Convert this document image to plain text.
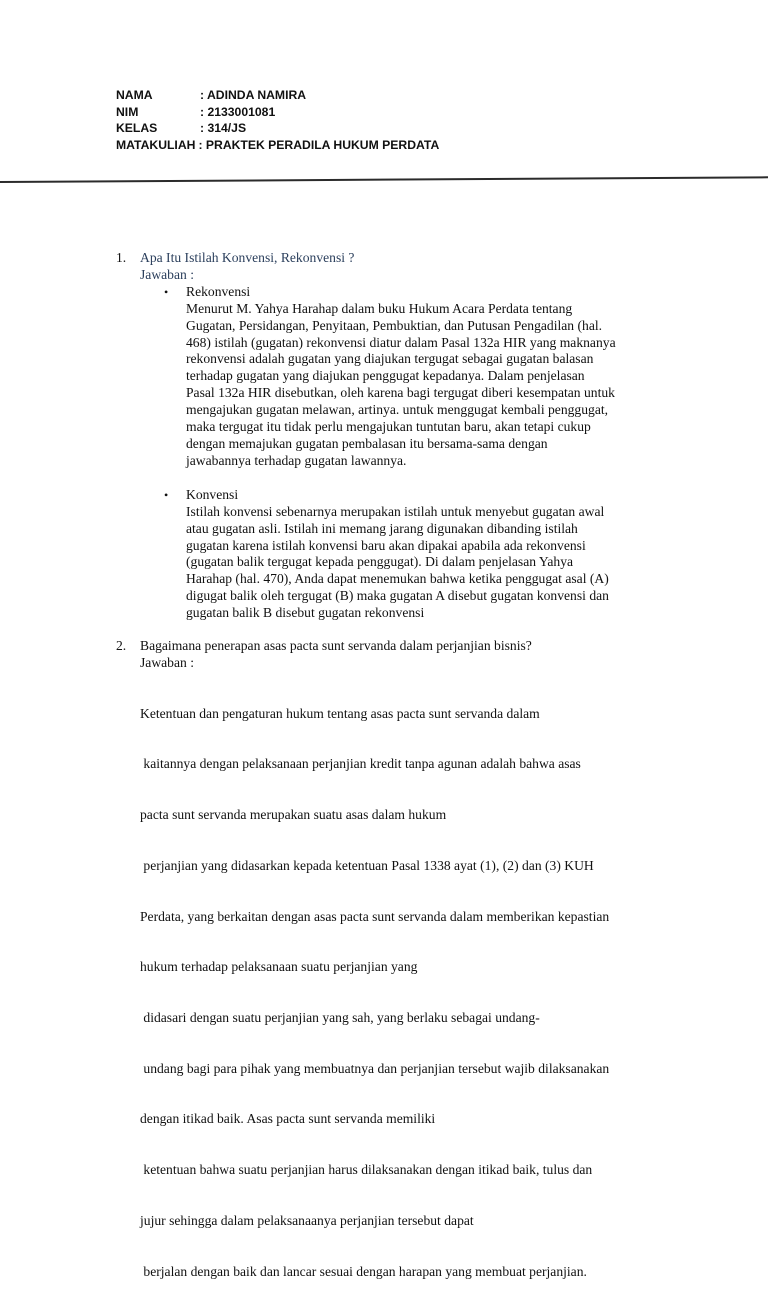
NAMA	: ADINDA NAMIRA
NIM	: 2133001081
KELAS	: 314/JS
MATAKULIAH : PRAKTEK PERADILA HUKUM PERDATA
1. Apa Itu Istilah Konvensi, Rekonvensi ?
Jawaban :
• Rekonvensi

Menurut M. Yahya Harahap dalam buku Hukum Acara Perdata tentang

Gugatan, Persidangan, Penyitaan, Pembuktian, dan Putusan Pengadilan (hal.

468) istilah (gugatan) rekonvensi diatur dalam Pasal 132a HIR yang maknanya

rekonvensi adalah gugatan yang diajukan tergugat sebagai gugatan balasan

terhadap gugatan yang diajukan penggugat kepadanya. Dalam penjelasan

Pasal 132a HIR disebutkan, oleh karena bagi tergugat diberi kesempatan untuk

mengajukan gugatan melawan, artinya. untuk menggugat kembali penggugat,

maka tergugat itu tidak perlu mengajukan tuntutan baru, akan tetapi cukup

dengan memajukan gugatan pembalasan itu bersama-sama dengan

jawabannya terhadap gugatan lawannya.

• Konvensi

Istilah konvensi sebenarnya merupakan istilah untuk menyebut gugatan awal

atau gugatan asli. Istilah ini memang jarang digunakan dibanding istilah

gugatan karena istilah konvensi baru akan dipakai apabila ada rekonvensi

(gugatan balik tergugat kepada penggugat). Di dalam penjelasan Yahya

Harahap (hal. 470), Anda dapat menemukan bahwa ketika penggugat asal (A)

digugat balik oleh tergugat (B) maka gugatan A disebut gugatan konvensi dan

gugatan balik B disebut gugatan rekonvensi

2. Bagaimana penerapan asas pacta sunt servanda dalam perjanjian bisnis?
Jawaban :

Ketentuan dan pengaturan hukum tentang asas pacta sunt servanda dalam

kaitannya dengan pelaksanaan perjanjian kredit tanpa agunan adalah bahwa asas

pacta sunt servanda merupakan suatu asas dalam hukum

perjanjian yang didasarkan kepada ketentuan Pasal 1338 ayat (1), (2) dan (3) KUH

Perdata, yang berkaitan dengan asas pacta sunt servanda dalam memberikan kepastian

hukum terhadap pelaksanaan suatu perjanjian yang

didasari dengan suatu perjanjian yang sah, yang berlaku sebagai undang-

undang bagi para pihak yang membuatnya dan perjanjian tersebut wajib dilaksanakan

dengan itikad baik. Asas pacta sunt servanda memiliki

ketentuan bahwa suatu perjanjian harus dilaksanakan dengan itikad baik, tulus dan

jujur sehingga dalam pelaksanaanya perjanjian tersebut dapat

berjalan dengan baik dan lancar sesuai dengan harapan yang membuat perjanjian.
